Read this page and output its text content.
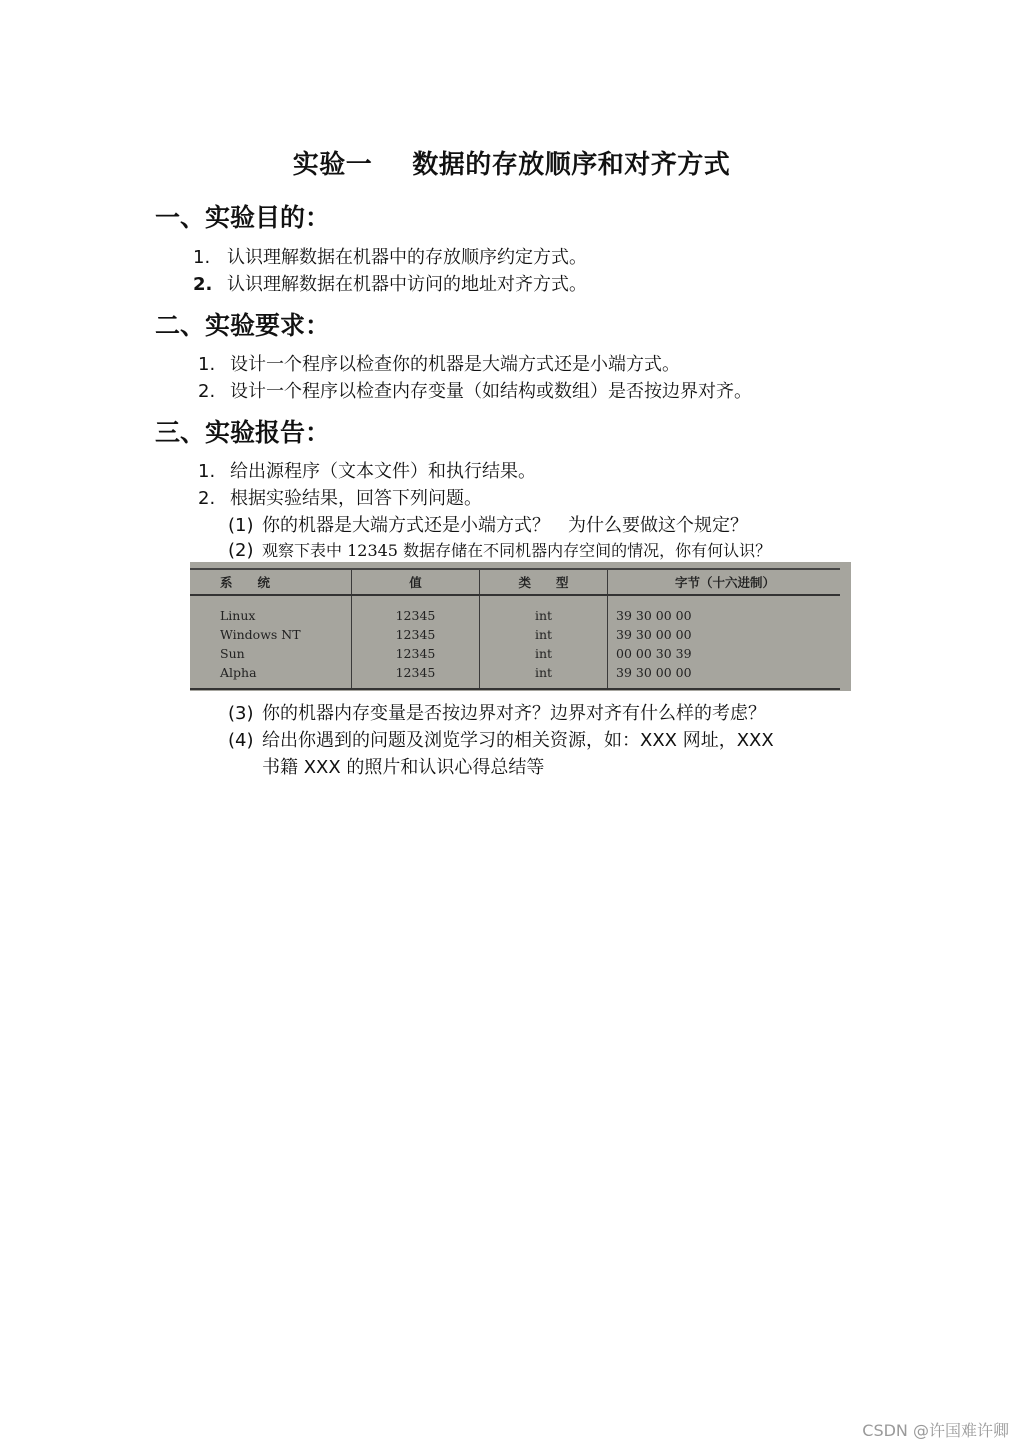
实验一 数据的存放顺序和对齐方式
一、实验目的：
1. 认识理解数据在机器中的存放顺序约定方式。
2. 认识理解数据在机器中访问的地址对齐方式。
二、实验要求：
1. 设计一个程序以检查你的机器是大端方式还是小端方式。
2. 设计一个程序以检查内存变量（如结构或数组）是否按边界对齐。
三、实验报告：
1. 给出源程序（文本文件）和执行结果。
2. 根据实验结果，回答下列问题。
(1) 你的机器是大端方式还是小端方式？　为什么要做这个规定？
(2) 观察下表中 12345 数据存储在不同机器内存空间的情况，你有何认识？
系　　统	值	类　　型	字节（十六进制）
Linux	12345	int	39 30 00 00
Windows NT	12345	int	39 30 00 00
Sun	12345	int	00 00 30 39
Alpha	12345	int	39 30 00 00
(3) 你的机器内存变量是否按边界对齐？边界对齐有什么样的考虑？
(4) 给出你遇到的问题及浏览学习的相关资源，如：XXX 网址，XXX
书籍 XXX 的照片和认识心得总结等
CSDN @许国难许卿
